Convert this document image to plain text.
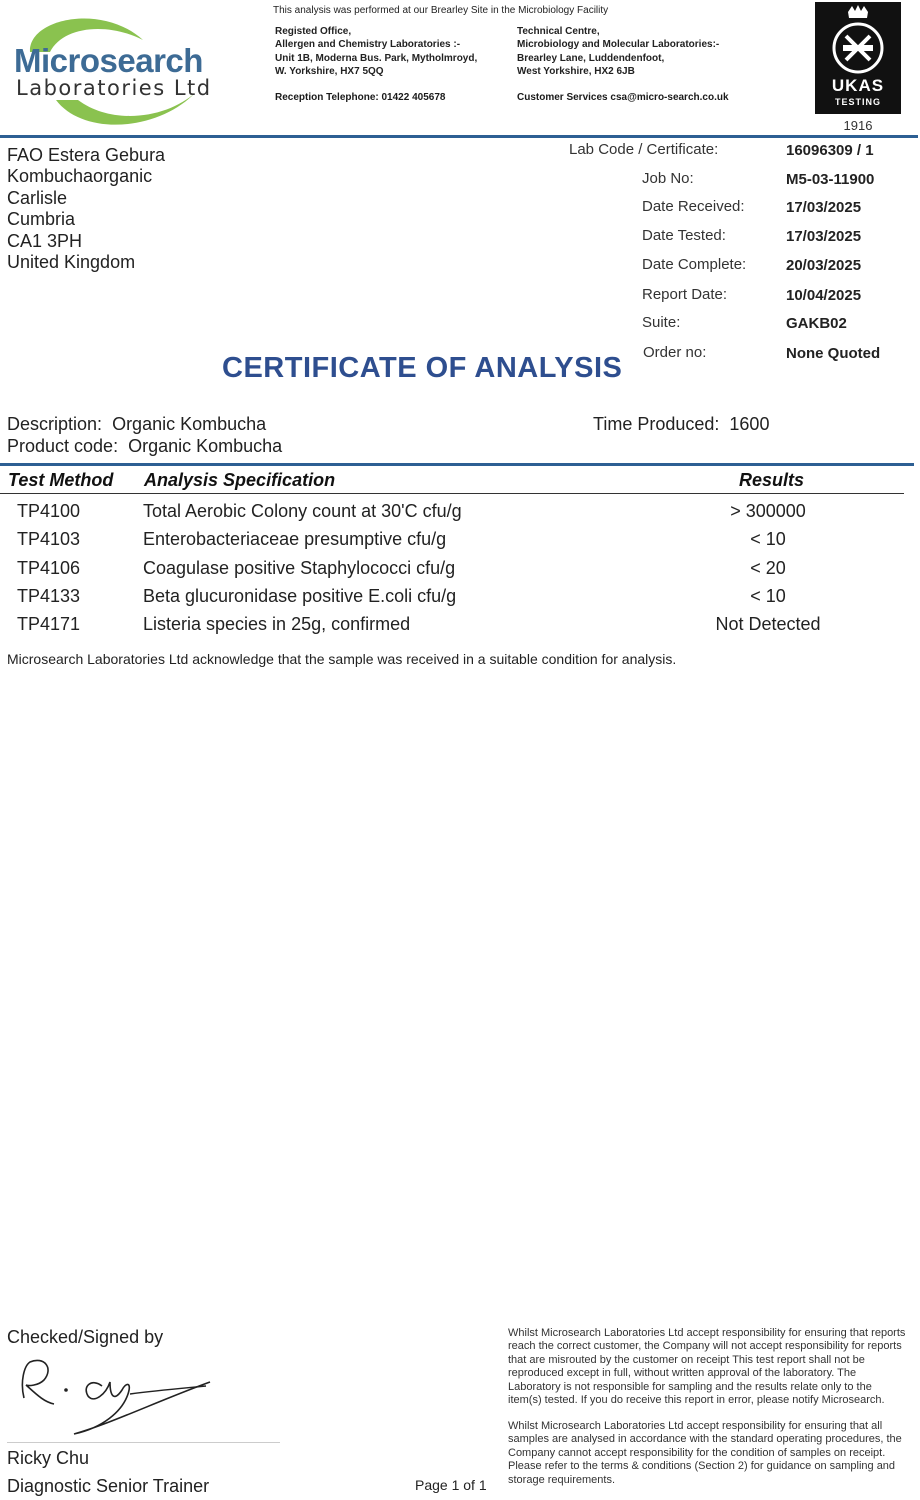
Microsearch
Laboratories Ltd
This analysis was performed at our Brearley Site in the Microbiology Facility
Registed Office,
Allergen and Chemistry Laboratories :-
Unit 1B, Moderna Bus. Park, Mytholmroyd,
W. Yorkshire, HX7 5QQ
Technical Centre,
Microbiology and Molecular Laboratories:-
Brearley Lane, Luddendenfoot,
West Yorkshire, HX2 6JB
Reception Telephone: 01422 405678	Customer Services csa@micro-search.co.uk
UKAS
TESTING
1916
FAO Estera Gebura
Kombuchaorganic
Carlisle
Cumbria
CA1 3PH
United Kingdom
Lab Code / Certificate:	16096309 / 1
Job No:	M5-03-11900
Date Received:	17/03/2025
Date Tested:	17/03/2025
Date Complete:	20/03/2025
Report Date:	10/04/2025
Suite:	GAKB02
Order no:	None Quoted
CERTIFICATE OF ANALYSIS
Description: Organic Kombucha
Product code: Organic Kombucha
Time Produced: 1600
Test Method Analysis Specification	Results
TP4100	Total Aerobic Colony count at 30'C cfu/g	> 300000
TP4103	Enterobacteriaceae presumptive cfu/g	< 10
TP4106	Coagulase positive Staphylococci cfu/g	< 20
TP4133	Beta glucuronidase positive E.coli cfu/g	< 10
TP4171	Listeria species in 25g, confirmed	Not Detected
Microsearch Laboratories Ltd acknowledge that the sample was received in a suitable condition for analysis.
Checked/Signed by
Ricky Chu
Diagnostic Senior Trainer	Page 1 of 1
Whilst Microsearch Laboratories Ltd accept responsibility for ensuring that reports reach the correct customer, the Company will not accept responsibility for reports that are misrouted by the customer on receipt This test report shall not be reproduced except in full, without written approval of the laboratory. The Laboratory is not responsible for sampling and the results relate only to the item(s) tested. If you do receive this report in error, please notify Microsearch.
Whilst Microsearch Laboratories Ltd accept responsibility for ensuring that all samples are analysed in accordance with the standard operating procedures, the Company cannot accept responsibility for the condition of samples on receipt. Please refer to the terms & conditions (Section 2) for guidance on sampling and storage requirements.
